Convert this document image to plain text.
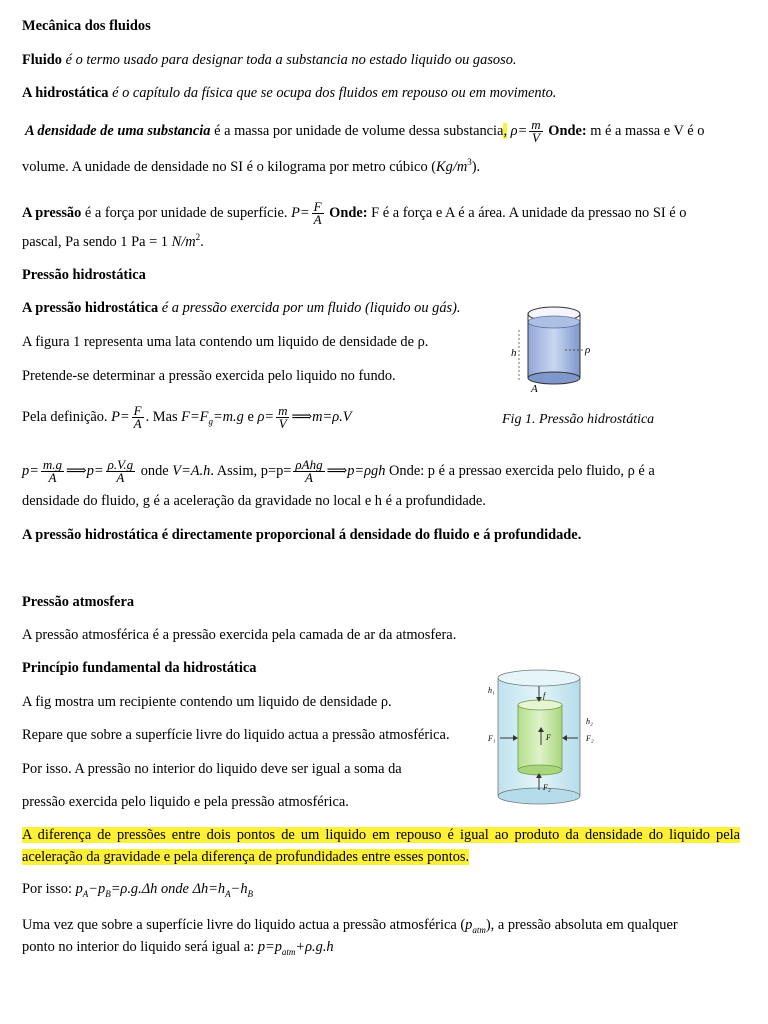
Mecânica dos fluidos
Fluido é o termo usado para designar toda a substancia no estado liquido ou gasoso.
A hidrostática é o capítulo da física que se ocupa dos fluidos em repouso ou em movimento.
A densidade de uma substancia é a massa por unidade de volume dessa substancia, $\rho= \frac{m}{V}$ Onde: m é a massa e V é o
volume. A unidade de densidade no SI é o kilograma por metro cúbico $(Kg/m^3)$.
A pressão é a força por unidade de superfície. $P= \frac{F}{A}$ Onde: F é a força e A é a área. A unidade da pressao no SI é o
pascal, Pa sendo 1 Pa = 1 $N/m^2$.
Pressão hidrostática
A pressão hidrostática é a pressão exercida por um fluido (liquido ou gás).
A figura 1 representa uma lata contendo um liquido de densidade de ρ.
Pretende-se determinar a pressão exercida pelo liquido no fundo.
Pela definição. $P= \frac{F}{A}$ . Mas $F=F_g=m.g$ e $\rho= \frac{m}{V}$ ⟹m=ρ.V
h	ρ
A
Fig 1. Pressão hidrostática
$p= \frac{m.g}{A}$ ⟹p= $\frac{\rho.V.g}{A}$ onde V=A.h. Assim, $p=p= \frac{\text{ρAhg}}{A}$ ⟹p=ρgh Onde: p é a pressao exercida pelo fluido, ρ é a
densidade do fluido, g é a aceleração da gravidade no local e h é a profundidade.
A pressão hidrostática é directamente proporcional á densidade do fluido e á profundidade.
Pressão atmosfera
A pressão atmosférica é a pressão exercida pela camada de ar da atmosfera.
Princípio fundamental da hidrostática
A fig mostra um recipiente contendo um liquido de densidade ρ.
Repare que sobre a superfície livre do liquido actua a pressão atmosférica.
Por isso. A pressão no interior do liquido deve ser igual a soma da
pressão exercida pelo liquido e pela pressão atmosférica.
f
F
F₂
F₁	F₂
h₁
h₂
A diferença de pressões entre dois pontos de um liquido em repouso é igual ao produto da densidade do liquido pela
aceleração da gravidade e pela diferença de profundidades entre esses pontos.
Por isso: $p_A-p_B=\rho.g.\Delta h$ onde $\Delta h=h_A-h_B$
Uma vez que sobre a superfície livre do liquido actua a pressão atmosférica $(p_{atm})$, a pressão absoluta em qualquer
ponto no interior do liquido será igual a: $p=p_{atm}+\rho.g.h$
